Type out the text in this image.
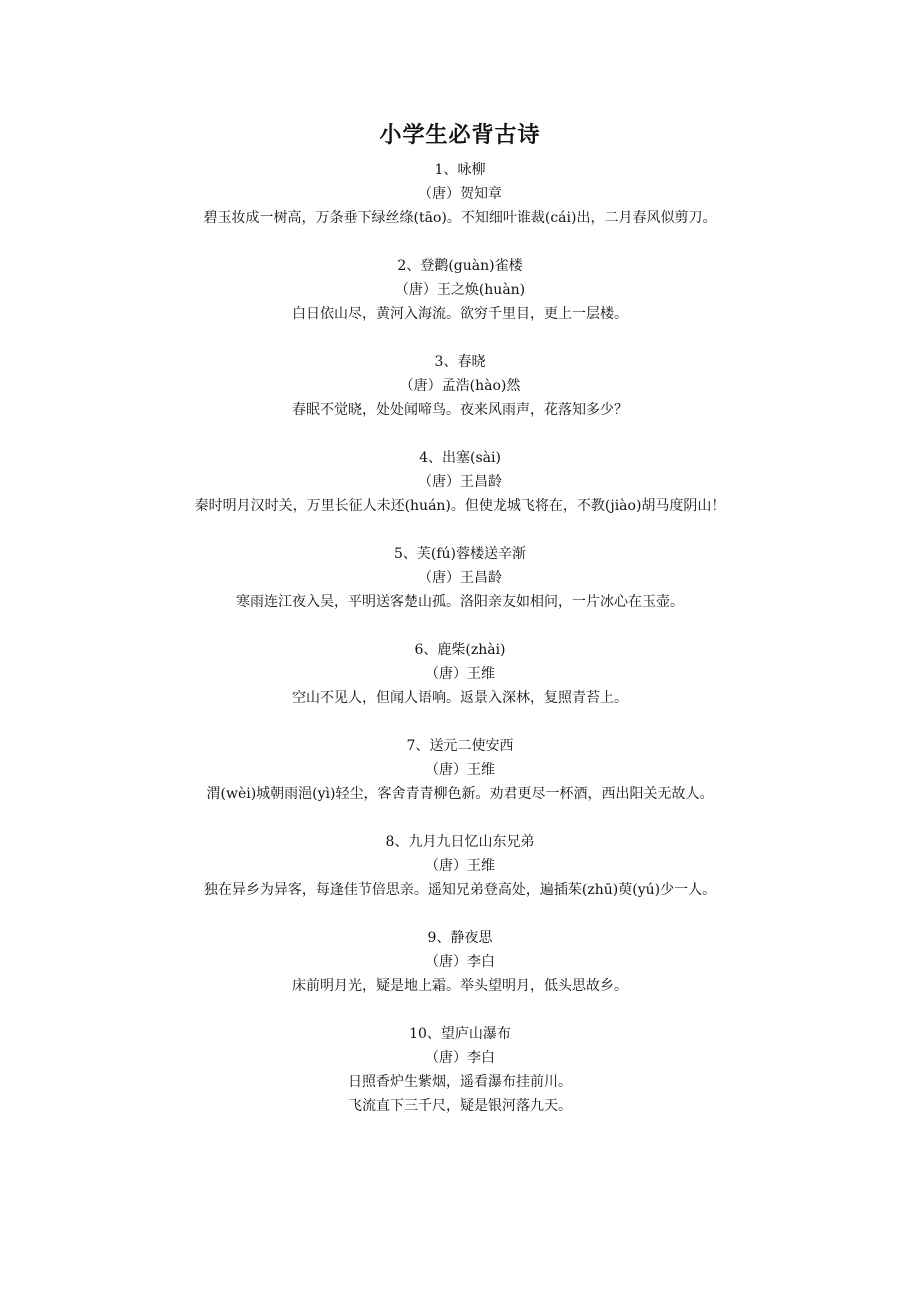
小学生必背古诗
1、咏柳
（唐）贺知章
碧玉妆成一树高，万条垂下绿丝绦(tāo)。不知细叶谁裁(cái)出，二月春风似剪刀。
2、登鹳(guàn)雀楼
（唐）王之焕(huàn)
白日依山尽，黄河入海流。欲穷千里目，更上一层楼。
3、春晓
（唐）孟浩(hào)然
春眠不觉晓，处处闻啼鸟。夜来风雨声，花落知多少？
4、出塞(sài)
（唐）王昌龄
秦时明月汉时关，万里长征人未还(huán)。但使龙城飞将在，不教(jiào)胡马度阴山！
5、芙(fú)蓉楼送辛渐
（唐）王昌龄
寒雨连江夜入吴，平明送客楚山孤。洛阳亲友如相问，一片冰心在玉壶。
6、鹿柴(zhài)
（唐）王维
空山不见人，但闻人语响。返景入深林，复照青苔上。
7、送元二使安西
（唐）王维
渭(wèi)城朝雨浥(yì)轻尘，客舍青青柳色新。劝君更尽一杯酒，西出阳关无故人。
8、九月九日忆山东兄弟
（唐）王维
独在异乡为异客，每逢佳节倍思亲。遥知兄弟登高处，遍插茱(zhū)萸(yú)少一人。
9、静夜思
（唐）李白
床前明月光，疑是地上霜。举头望明月，低头思故乡。
10、望庐山瀑布
（唐）李白
日照香炉生紫烟，遥看瀑布挂前川。
飞流直下三千尺，疑是银河落九天。
